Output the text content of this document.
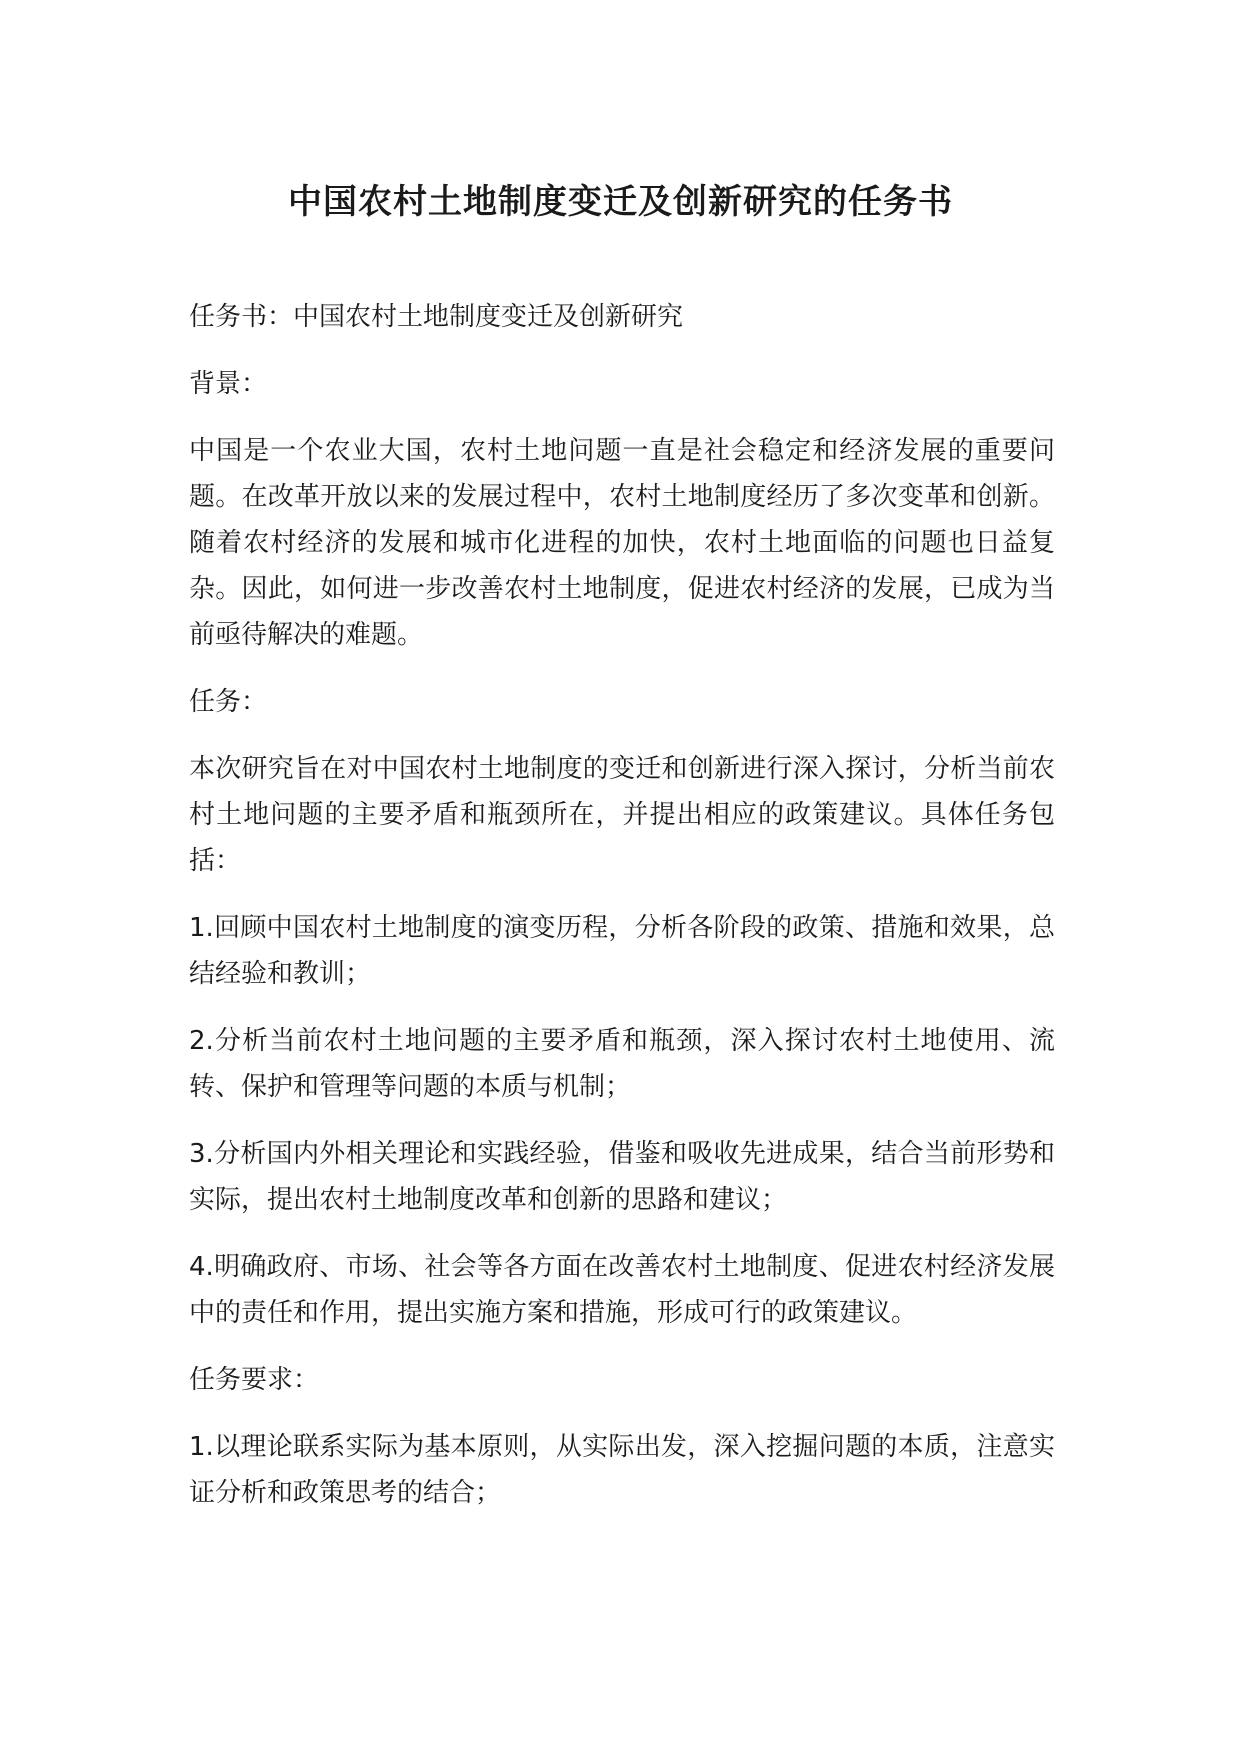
中国农村土地制度变迁及创新研究的任务书

任务书：中国农村土地制度变迁及创新研究

背景：

中国是一个农业大国，农村土地问题一直是社会稳定和经济发展的重要问题。在改革开放以来的发展过程中，农村土地制度经历了多次变革和创新。随着农村经济的发展和城市化进程的加快，农村土地面临的问题也日益复杂。因此，如何进一步改善农村土地制度，促进农村经济的发展，已成为当前亟待解决的难题。

任务：

本次研究旨在对中国农村土地制度的变迁和创新进行深入探讨，分析当前农村土地问题的主要矛盾和瓶颈所在，并提出相应的政策建议。具体任务包括：

1.回顾中国农村土地制度的演变历程，分析各阶段的政策、措施和效果，总结经验和教训；

2.分析当前农村土地问题的主要矛盾和瓶颈，深入探讨农村土地使用、流转、保护和管理等问题的本质与机制；

3.分析国内外相关理论和实践经验，借鉴和吸收先进成果，结合当前形势和实际，提出农村土地制度改革和创新的思路和建议；

4.明确政府、市场、社会等各方面在改善农村土地制度、促进农村经济发展中的责任和作用，提出实施方案和措施，形成可行的政策建议。

任务要求：

1.以理论联系实际为基本原则，从实际出发，深入挖掘问题的本质，注意实证分析和政策思考的结合；
